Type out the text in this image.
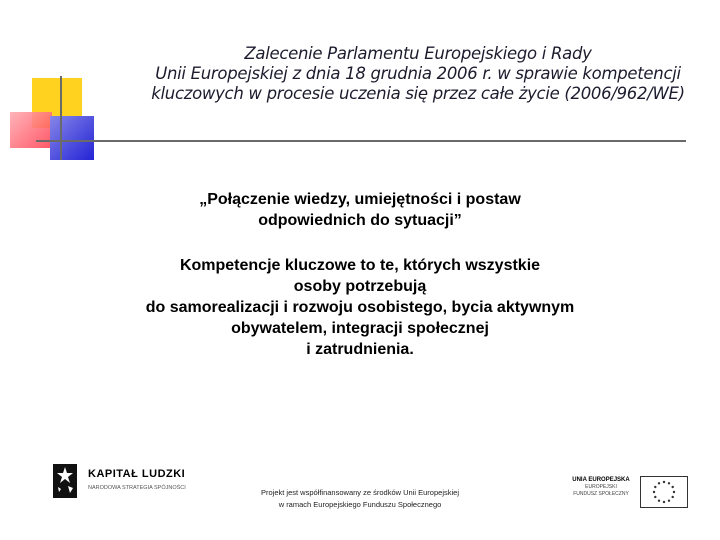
Zalecenie Parlamentu Europejskiego i Rady
Unii Europejskiej z dnia 18 grudnia 2006 r. w sprawie kompetencji
kluczowych w procesie uczenia się przez całe życie (2006/962/WE)
„Połączenie wiedzy, umiejętności i postaw
odpowiednich do sytuacji”
Kompetencje kluczowe to te, których wszystkie
osoby potrzebują
do samorealizacji i rozwoju osobistego, bycia aktywnym
obywatelem, integracji społecznej
i zatrudnienia.
KAPITAŁ LUDZKI
NARODOWA STRATEGIA SPÓJNOŚCI	Projekt jest współfinansowany ze środków Unii Europejskiej
w ramach Europejskiego Funduszu Społecznego
UNIA EUROPEJSKA
EUROPEJSKI
FUNDUSZ SPOŁECZNY
